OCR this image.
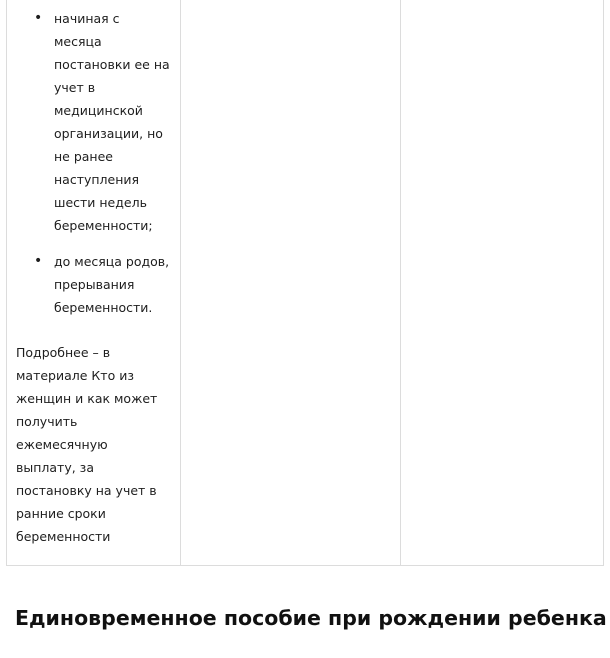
• начиная с месяца постановки ее на учет в медицинской организации, но не ранее наступления шести недель беременности;
• до месяца родов, прерывания беременности.
Подробнее – в материале Кто из женщин и как может получить ежемесячную выплату, за постановку на учет в ранние сроки беременности
Единовременное пособие при рождении ребенка
